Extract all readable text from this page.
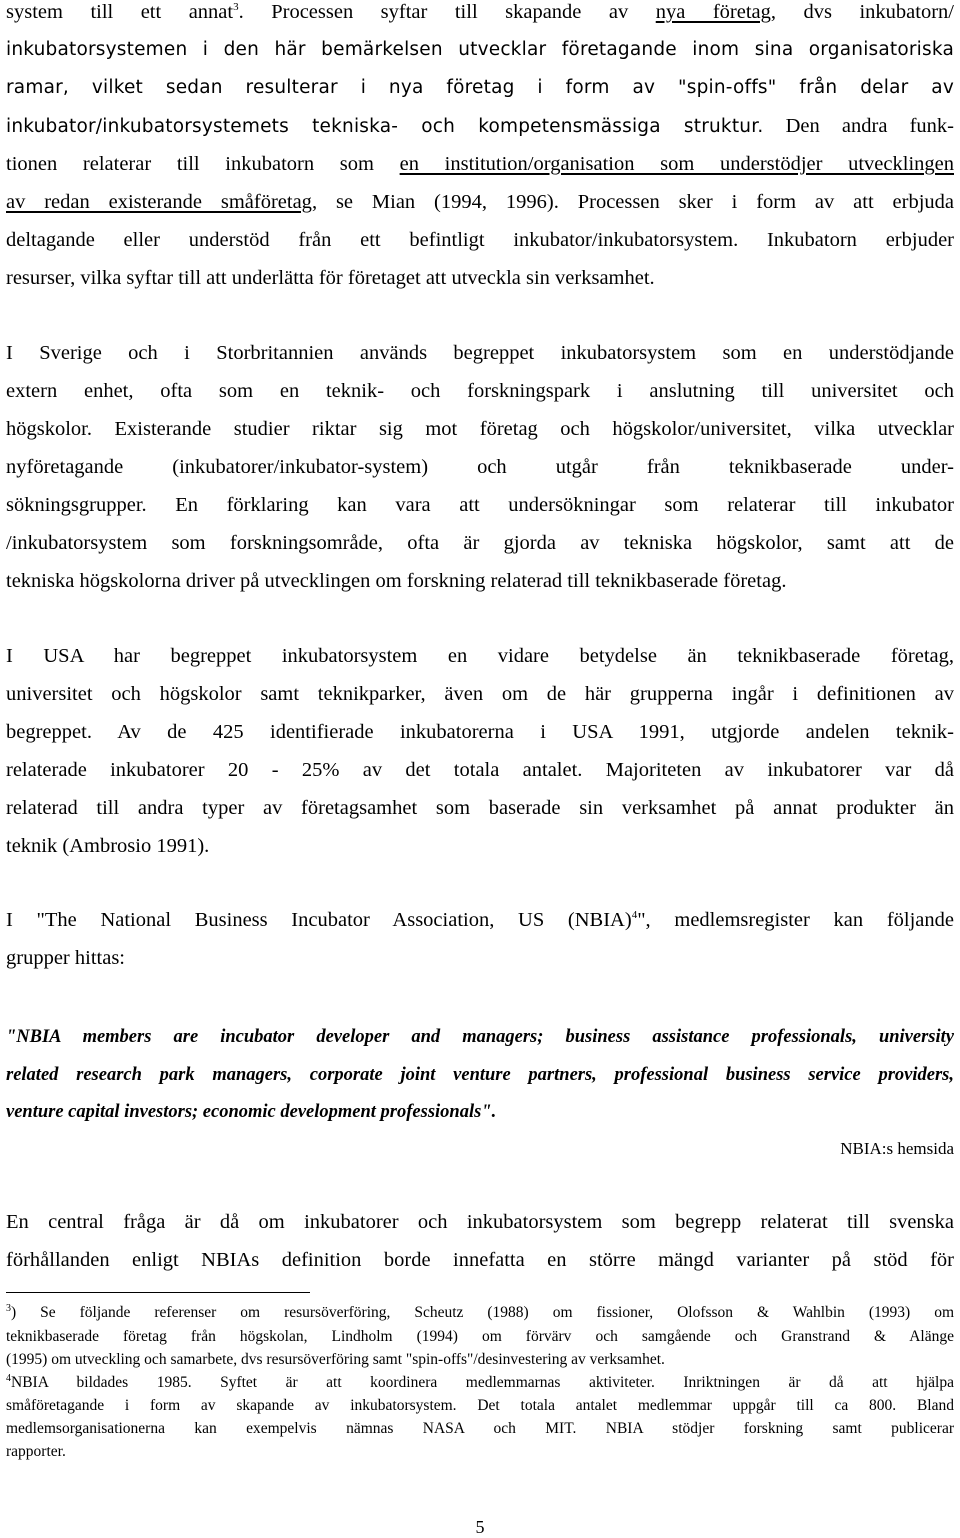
system till ett annat$^3$. Processen syftar till skapande av nya företag, dvs inkubatorn/
inkubatorsystemen i den här bemärkelsen utvecklar företagande inom sina organisatoriska
ramar, vilket sedan resulterar i nya företag i form av "spin-offs" från delar av
inkubator/inkubatorsystemets tekniska- och kompetensmässiga struktur. Den andra funk-
tionen relaterar till inkubatorn som en institution/organisation som understödjer utvecklingen
av redan existerande småföretag, se Mian (1994, 1996). Processen sker i form av att erbjuda
deltagande eller understöd från ett befintligt inkubator/inkubatorsystem. Inkubatorn erbjuder
resurser, vilka syftar till att underlätta för företaget att utveckla sin verksamhet.
I Sverige och i Storbritannien används begreppet inkubatorsystem som en understödjande
extern enhet, ofta som en teknik- och forskningspark i anslutning till universitet och
högskolor. Existerande studier riktar sig mot företag och högskolor/universitet, vilka utvecklar
nyföretagande (inkubatorer/inkubator-system) och utgår från teknikbaserade under-
sökningsgrupper. En förklaring kan vara att undersökningar som relaterar till inkubator
/inkubatorsystem som forskningsområde, ofta är gjorda av tekniska högskolor, samt att de
tekniska högskolorna driver på utvecklingen om forskning relaterad till teknikbaserade företag.
I USA har begreppet inkubatorsystem en vidare betydelse än teknikbaserade företag,
universitet och högskolor samt teknikparker, även om de här grupperna ingår i definitionen av
begreppet. Av de 425 identifierade inkubatorerna i USA 1991, utgjorde andelen teknik-
relaterade inkubatorer 20 - 25% av det totala antalet. Majoriteten av inkubatorer var då
relaterad till andra typer av företagsamhet som baserade sin verksamhet på annat produkter än
teknik (Ambrosio 1991).
I "The National Business Incubator Association, US (NBIA)$^4$", medlemsregister kan följande
grupper hittas:
"NBIA members are incubator developer and managers; business assistance professionals, university
related research park managers, corporate joint venture partners, professional business service providers,
venture capital investors; economic development professionals".
NBIA:s hemsida
En central fråga är då om inkubatorer och inkubatorsystem som begrepp relaterat till svenska
förhållanden enligt NBIAs definition borde innefatta en större mängd varianter på stöd för
$^3$) Se följande referenser om resursöverföring, Scheutz (1988) om fissioner, Olofsson & Wahlbin (1993) om
teknikbaserade företag från högskolan, Lindholm (1994) om förvärv och samgående och Granstrand & Alänge
(1995) om utveckling och samarbete, dvs resursöverföring samt "spin-offs"/desinvestering av verksamhet.
$^4$NBIA bildades 1985. Syftet är att koordinera medlemmarnas aktiviteter. Inriktningen är då att hjälpa
småföretagande i form av skapande av inkubatorsystem. Det totala antalet medlemmar uppgår till ca 800. Bland
medlemsorganisationerna kan exempelvis nämnas NASA och MIT. NBIA stödjer forskning samt publicerar
rapporter.
5
